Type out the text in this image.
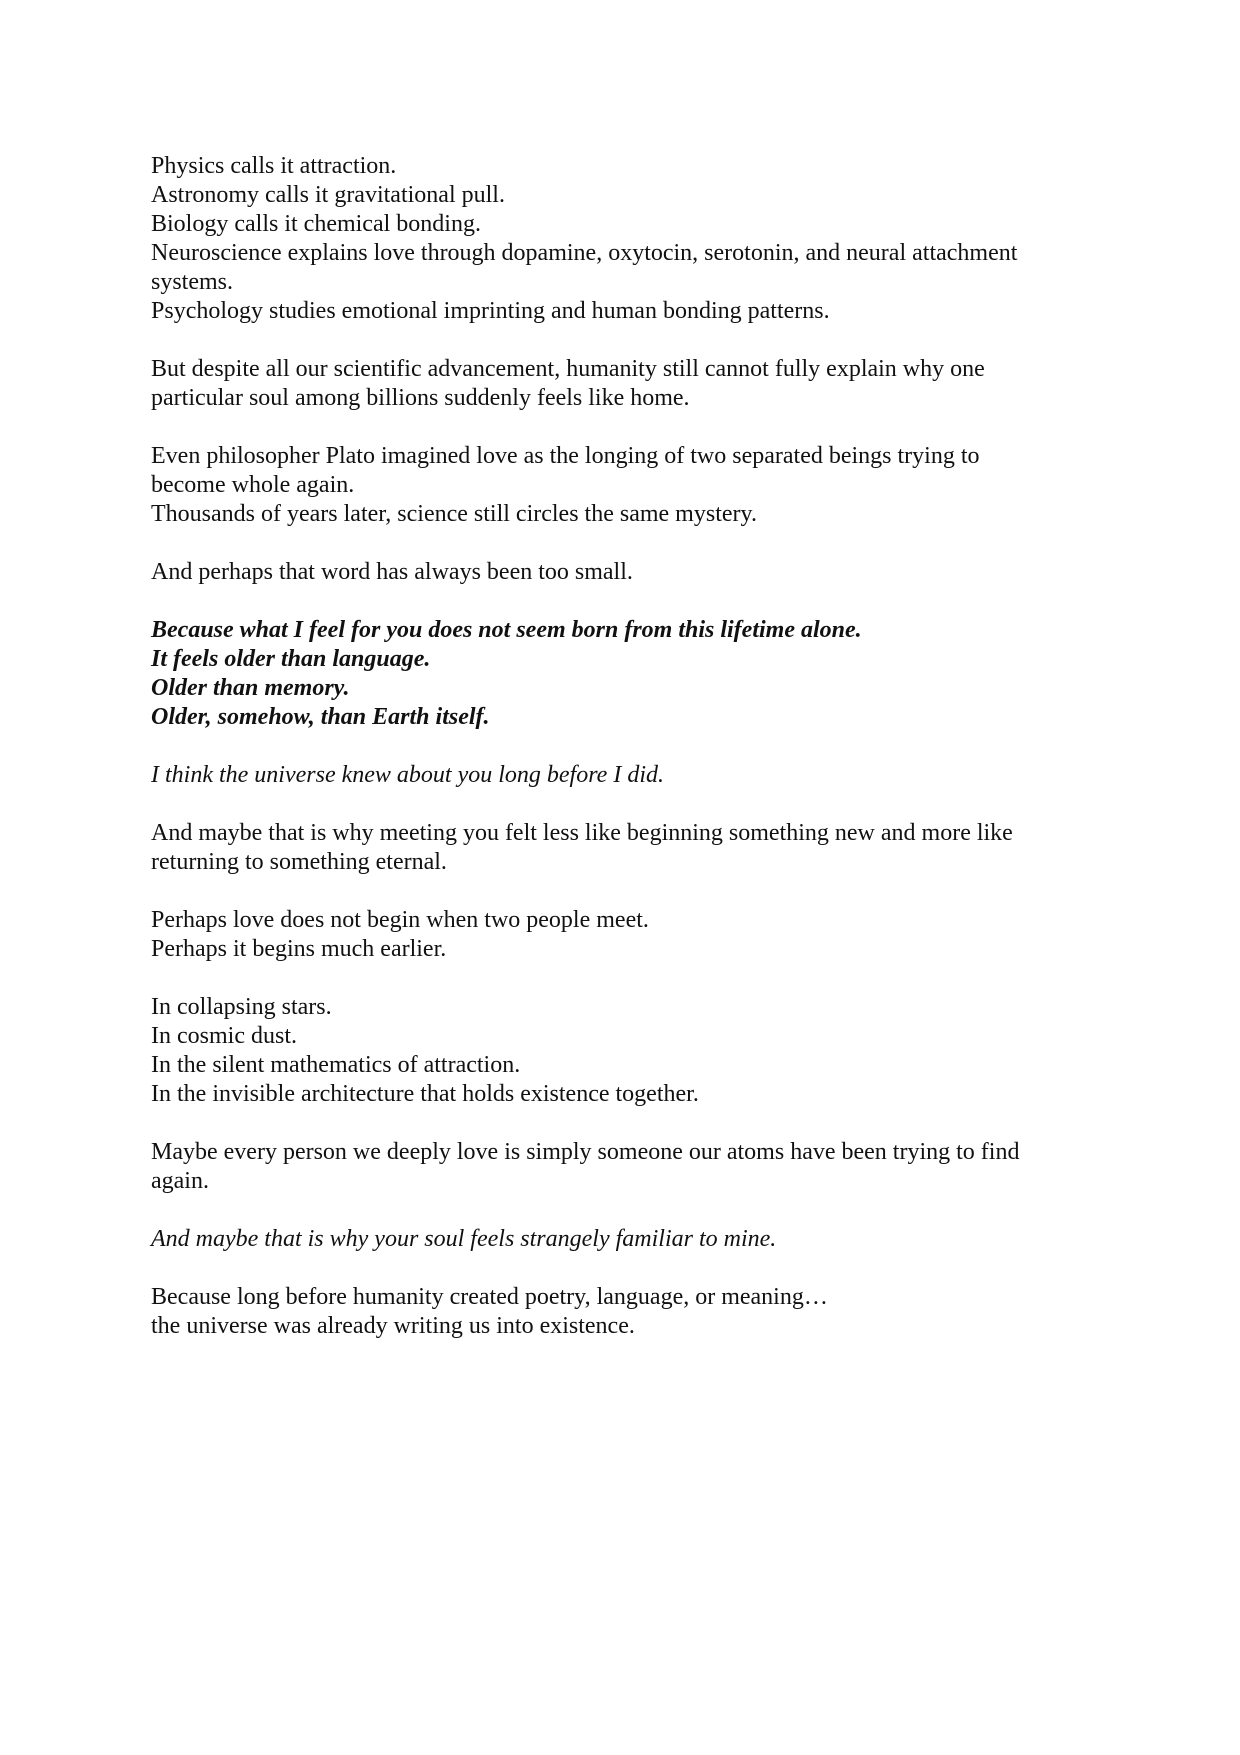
Physics calls it attraction.
Astronomy calls it gravitational pull.
Biology calls it chemical bonding.
Neuroscience explains love through dopamine, oxytocin, serotonin, and neural attachment
systems.
Psychology studies emotional imprinting and human bonding patterns.
But despite all our scientific advancement, humanity still cannot fully explain why one
particular soul among billions suddenly feels like home.
Even philosopher Plato imagined love as the longing of two separated beings trying to
become whole again.
Thousands of years later, science still circles the same mystery.
And perhaps that word has always been too small.
Because what I feel for you does not seem born from this lifetime alone.
It feels older than language.
Older than memory.
Older, somehow, than Earth itself.
I think the universe knew about you long before I did.
And maybe that is why meeting you felt less like beginning something new and more like
returning to something eternal.
Perhaps love does not begin when two people meet.
Perhaps it begins much earlier.
In collapsing stars.
In cosmic dust.
In the silent mathematics of attraction.
In the invisible architecture that holds existence together.
Maybe every person we deeply love is simply someone our atoms have been trying to find
again.
And maybe that is why your soul feels strangely familiar to mine.
Because long before humanity created poetry, language, or meaning…
the universe was already writing us into existence.
